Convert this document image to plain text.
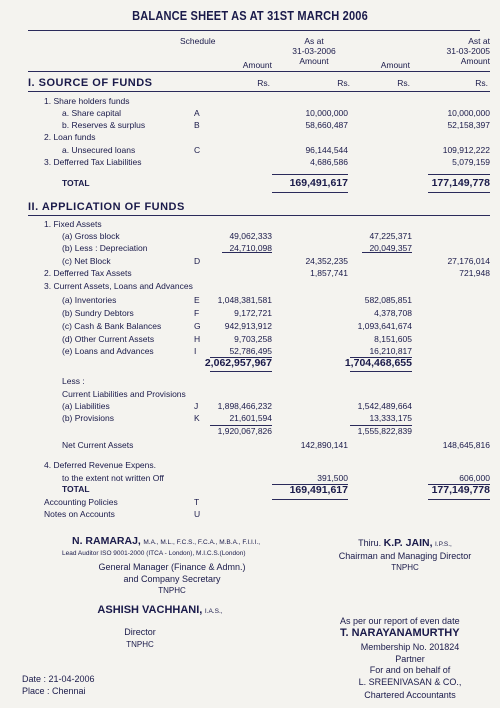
BALANCE SHEET AS AT 31ST MARCH 2006
Schedule
Amount
As at
31-03-2006
Amount	Amount
Ast at
31-03-2005
Amount
Rs.	Rs.	Rs.	Rs.
I. SOURCE OF FUNDS
1. Share holders funds
a. Share capital	A	10,000,000	10,000,000
b. Reserves & surplus	B	58,660,487	52,158,397
2. Loan funds
a. Unsecured loans	C	96,144,544	109,912,222
3. Defferred Tax Liabilities	4,686,586	5,079,159
TOTAL	169,491,617	177,149,778
II. APPLICATION OF FUNDS
1. Fixed Assets
(a) Gross block	49,062,333	47,225,371
(b) Less : Depreciation	24,710,098	20,049,357
(c) Net Block	D	24,352,235	27,176,014
2. Defferred Tax Assets	1,857,741	721,948
3. Current Assets, Loans and Advances
(a) Inventories	E	1,048,381,581	582,085,851
(b) Sundry Debtors	F	9,172,721	4,378,708
(c) Cash & Bank Balances	G	942,913,912	1,093,641,674
(d) Other Current Assets	H	9,703,258	8,151,605
(e) Loans and Advances	I	52,786,495	16,210,817
2,062,957,967	1,704,468,655
Less :
Current Liabilities and Provisions
(a) Liabilities	J	1,898,466,232	1,542,489,664
(b) Provisions	K	21,601,594	13,333,175
1,920,067,826	1,555,822,839
Net Current Assets	142,890,141	148,645,816
4. Deferred Revenue Expens.
to the extent not written Off	391,500	606,000
TOTAL	169,491,617	177,149,778
Accounting Policies	T
Notes on Accounts	U
N. RAMARAJ, M.A., M.L., F.C.S., F.C.A., M.B.A., F.I.I.I.,
Lead Auditor ISO 9001-2000 (ITCA - London), M.I.C.S.(London)
General Manager (Finance & Admn.)
and Company Secretary
TNPHC
Thiru. K.P. JAIN, I.P.S.,
Chairman and Managing Director
TNPHC
ASHISH VACHHANI, I.A.S.,
Director
TNPHC
As per our report of even date
T. NARAYANAMURTHY
Membership No. 201824
Partner
For and on behalf of
L. SREENIVASAN & CO.,
Chartered Accountants
Date : 21-04-2006
Place : Chennai
